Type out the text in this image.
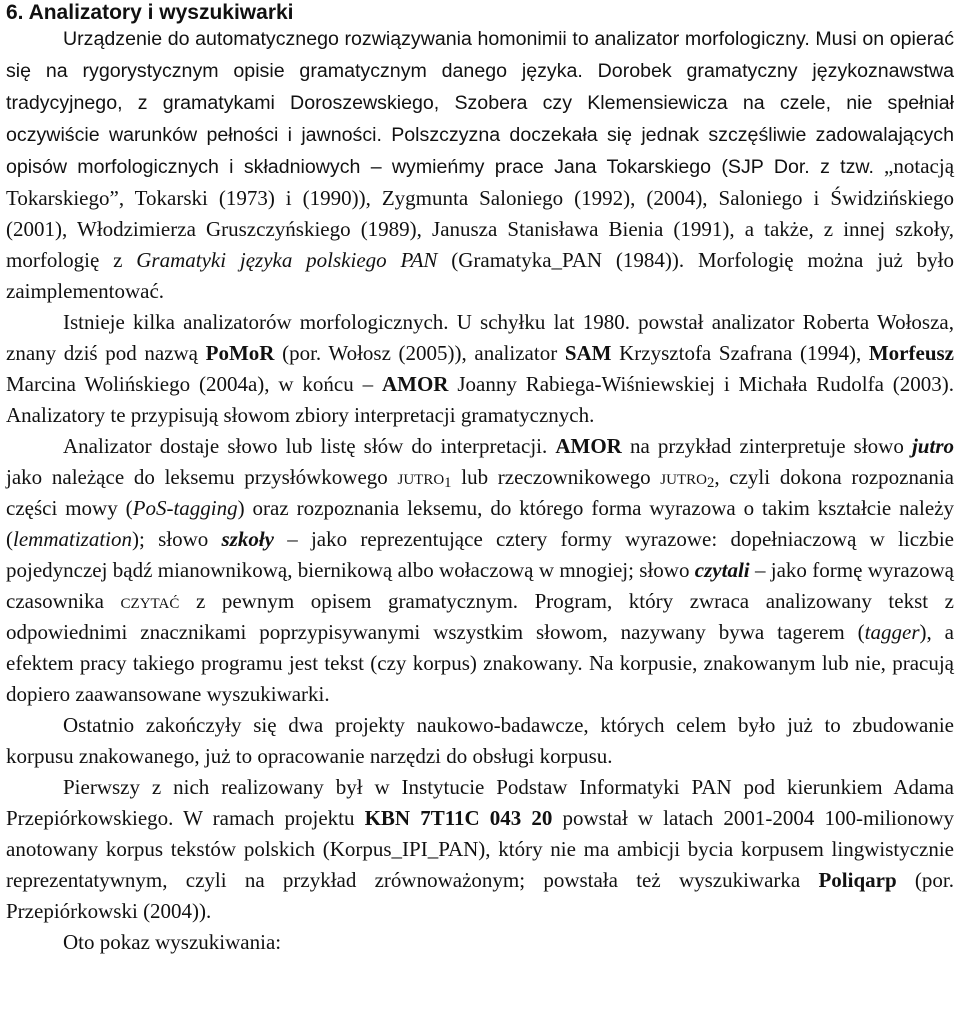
6. Analizatory i wyszukiwarki

Urządzenie do automatycznego rozwiązywania homonimii to analizator morfologiczny. Musi on opierać się na rygorystycznym opisie gramatycznym danego języka. Dorobek gramatyczny językoznawstwa tradycyjnego, z gramatykami Doroszewskiego, Szobera czy Klemensiewicza na czele, nie spełniał oczywiście warunków pełności i jawności. Polszczyzna doczekała się jednak szczęśliwie zadowalających opisów morfologicznych i składniowych – wymieńmy prace Jana Tokarskiego (SJP Dor. z tzw. „notacją Tokarskiego”, Tokarski (1973) i (1990)), Zygmunta Saloniego (1992), (2004), Saloniego i Świdzińskiego (2001), Włodzimierza Gruszczyńskiego (1989), Janusza Stanisława Bienia (1991), a także, z innej szkoły, morfologię z Gramatyki języka polskiego PAN (Gramatyka_PAN (1984)). Morfologię można już było zaimplementować.

Istnieje kilka analizatorów morfologicznych. U schyłku lat 1980. powstał analizator Roberta Wołosza, znany dziś pod nazwą PoMoR (por. Wołosz (2005)), analizator SAM Krzysztofa Szafrana (1994), Morfeusz Marcina Wolińskiego (2004a), w końcu – AMOR Joanny Rabiega-Wiśniewskiej i Michała Rudolfa (2003). Analizatory te przypisują słowom zbiory interpretacji gramatycznych.

Analizator dostaje słowo lub listę słów do interpretacji. AMOR na przykład zinterpretuje słowo jutro jako należące do leksemu przysłówkowego jutro$_1$ lub rzeczownikowego jutro$_2$, czyli dokona rozpoznania części mowy (PoS-tagging) oraz rozpoznania leksemu, do którego forma wyrazowa o takim kształcie należy (lemmatization); słowo szkoły – jako reprezentujące cztery formy wyrazowe: dopełniaczową w liczbie pojedynczej bądź mianownikową, biernikową albo wołaczową w mnogiej; słowo czytali – jako formę wyrazową czasownika czytać z pewnym opisem gramatycznym. Program, który zwraca analizowany tekst z odpowiednimi znacznikami poprzypisywanymi wszystkim słowom, nazywany bywa tagerem (tagger), a efektem pracy takiego programu jest tekst (czy korpus) znakowany. Na korpusie, znakowanym lub nie, pracują dopiero zaawansowane wyszukiwarki.

Ostatnio zakończyły się dwa projekty naukowo-badawcze, których celem było już to zbudowanie korpusu znakowanego, już to opracowanie narzędzi do obsługi korpusu.

Pierwszy z nich realizowany był w Instytucie Podstaw Informatyki PAN pod kierunkiem Adama Przepiórkowskiego. W ramach projektu KBN 7T11C 043 20 powstał w latach 2001-2004 100-milionowy anotowany korpus tekstów polskich (Korpus_IPI_PAN), który nie ma ambicji bycia korpusem lingwistycznie reprezentatywnym, czyli na przykład zrównoważonym; powstała też wyszukiwarka Poliqarp (por. Przepiórkowski (2004)).

Oto pokaz wyszukiwania:
